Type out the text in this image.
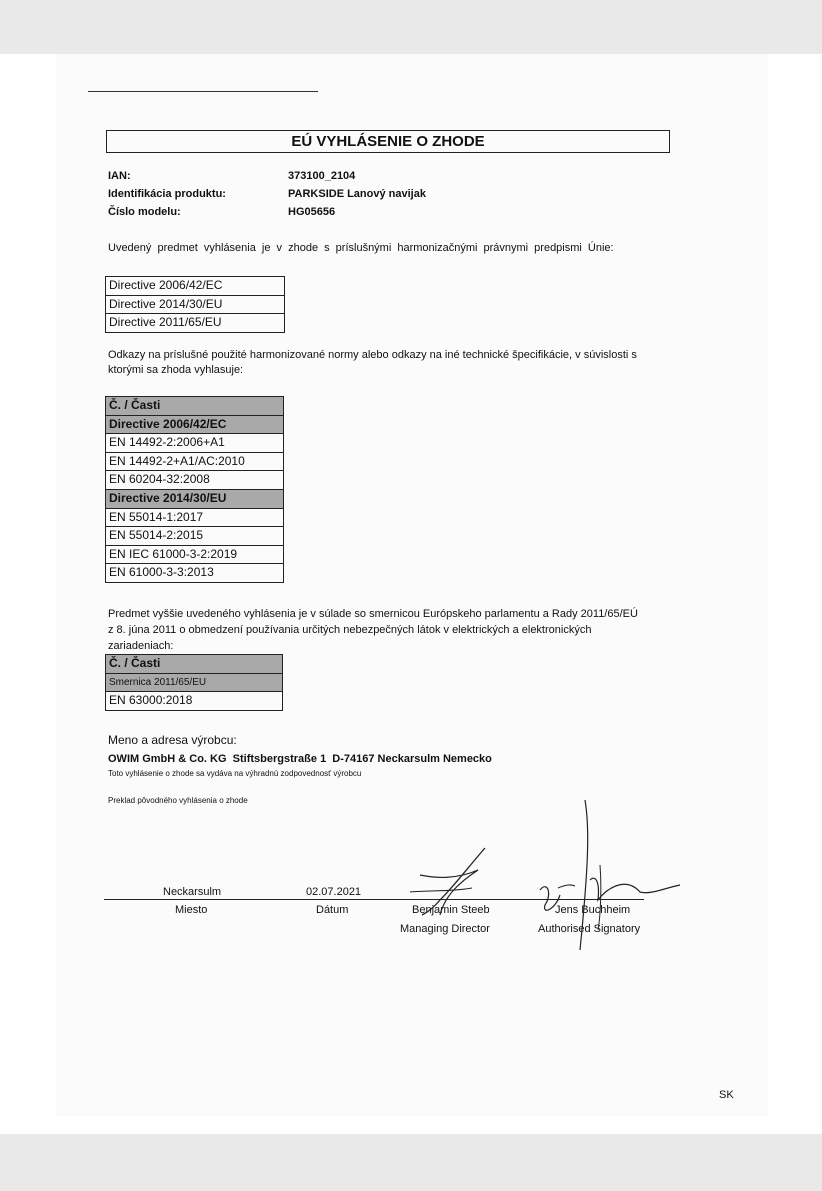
EÚ VYHLÁSENIE O ZHODE
IAN:	373100_2104
Identifikácia produktu:	PARKSIDE Lanový navijak
Číslo modelu:	HG05656
Uvedený predmet vyhlásenia je v zhode s príslušnými harmonizačnými právnymi predpismi Únie:
Directive 2006/42/EC
Directive 2014/30/EU
Directive 2011/65/EU
Odkazy na príslušné použité harmonizované normy alebo odkazy na iné technické špecifikácie, v súvislosti s
ktorými sa zhoda vyhlasuje:
Č. / Časti
Directive 2006/42/EC
EN 14492-2:2006+A1
EN 14492-2+A1/AC:2010
EN 60204-32:2008
Directive 2014/30/EU
EN 55014-1:2017
EN 55014-2:2015
EN IEC 61000-3-2:2019
EN 61000-3-3:2013
Predmet vyššie uvedeného vyhlásenia je v súlade so smernicou Európskeho parlamentu a Rady 2011/65/EÚ
z 8. júna 2011 o obmedzení používania určitých nebezpečných látok v elektrických a elektronických
zariadeniach:
Č. / Časti
Smernica 2011/65/EU
EN 63000:2018
Meno a adresa výrobcu:
OWIM GmbH & Co. KG  Stiftsbergstraße 1  D-74167 Neckarsulm Nemecko
Toto vyhlásenie o zhode sa vydáva na výhradnú zodpovednosť výrobcu
Preklad pôvodného vyhlásenia o zhode
Neckarsulm	02.07.2021
Miesto	Dátum	Benjamin Steeb
Managing Director
Jens Buchheim
Authorised Signatory
SK
